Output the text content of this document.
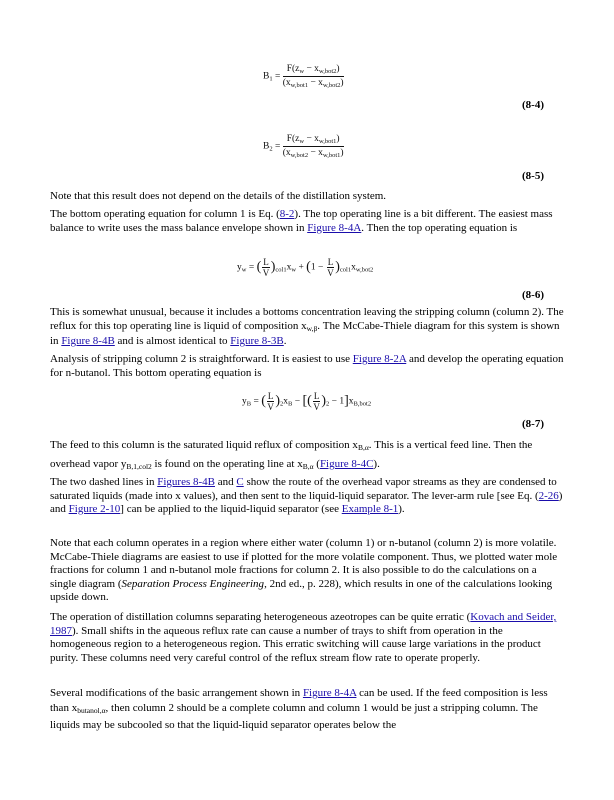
$B_1 = \frac{F(z_w - x_{w,bot2})}{(x_{w,bot1} - x_{w,bot2})}$
(8-4)
$B_2 = \frac{F(z_w - x_{w,bot1})}{(x_{w,bot2} - x_{w,bot1})}$
(8-5)

Note that this result does not depend on the details of the distillation system.

The bottom operating equation for column 1 is Eq. (8-2). The top operating line is a bit different. The easiest mass balance to write uses the mass balance envelope shown in Figure 8-4A. Then the top operating equation is

$y_w$ = ( $\frac{L}{V} )_{col1}x_w + (1 - \frac{L}{V} )_{col1}x_{w,bot2}$
(8-6)

This is somewhat unusual, because it includes a bottoms concentration leaving the stripping column (column 2). The reflux for this top operating line is liquid of composition $x_{w,\beta}$. The McCabe-Thiele diagram for this system is shown in Figure 8-4B and is almost identical to Figure 8-3B.

Analysis of stripping column 2 is straightforward. It is easiest to use Figure 8-2A and develop the operating equation for n-butanol. This bottom operating equation is

$y_B$ = ( $\frac{L}{V} )_2x_B$ − [( $\frac{L}{V} )_2 - 1]x_{B,bot2}$
(8-7)

The feed to this column is the saturated liquid reflux of composition $x_{B,\alpha}$. This is a vertical feed line. Then the overhead vapor $y_{B,1,col2}$ is found on the operating line at $x_{B,\alpha}$ (Figure 8-4C).

The two dashed lines in Figures 8-4B and C show the route of the overhead vapor streams as they are condensed to saturated liquids (made into x values), and then sent to the liquid-liquid separator. The lever-arm rule [see Eq. (2-26) and Figure 2-10] can be applied to the liquid-liquid separator (see Example 8-1).

Note that each column operates in a region where either water (column 1) or n-butanol (column 2) is more volatile. McCabe-Thiele diagrams are easiest to use if plotted for the more volatile component. Thus, we plotted water mole fractions for column 1 and n-butanol mole fractions for column 2. It is also possible to do the calculations on a single diagram (Separation Process Engineering, 2nd ed., p. 228), which results in one of the calculations looking upside down.

The operation of distillation columns separating heterogeneous azeotropes can be quite erratic (Kovach and Seider, 1987). Small shifts in the aqueous reflux rate can cause a number of trays to shift from operation in the homogeneous region to a heterogeneous region. This erratic switching will cause large variations in the product purity. These columns need very careful control of the reflux stream flow rate to operate properly.

Several modifications of the basic arrangement shown in Figure 8-4A can be used. If the feed composition is less than $x_{butanol,\alpha}$, then column 2 should be a complete column and column 1 would be just a stripping column. The liquids may be subcooled so that the liquid-liquid separator operates below the
